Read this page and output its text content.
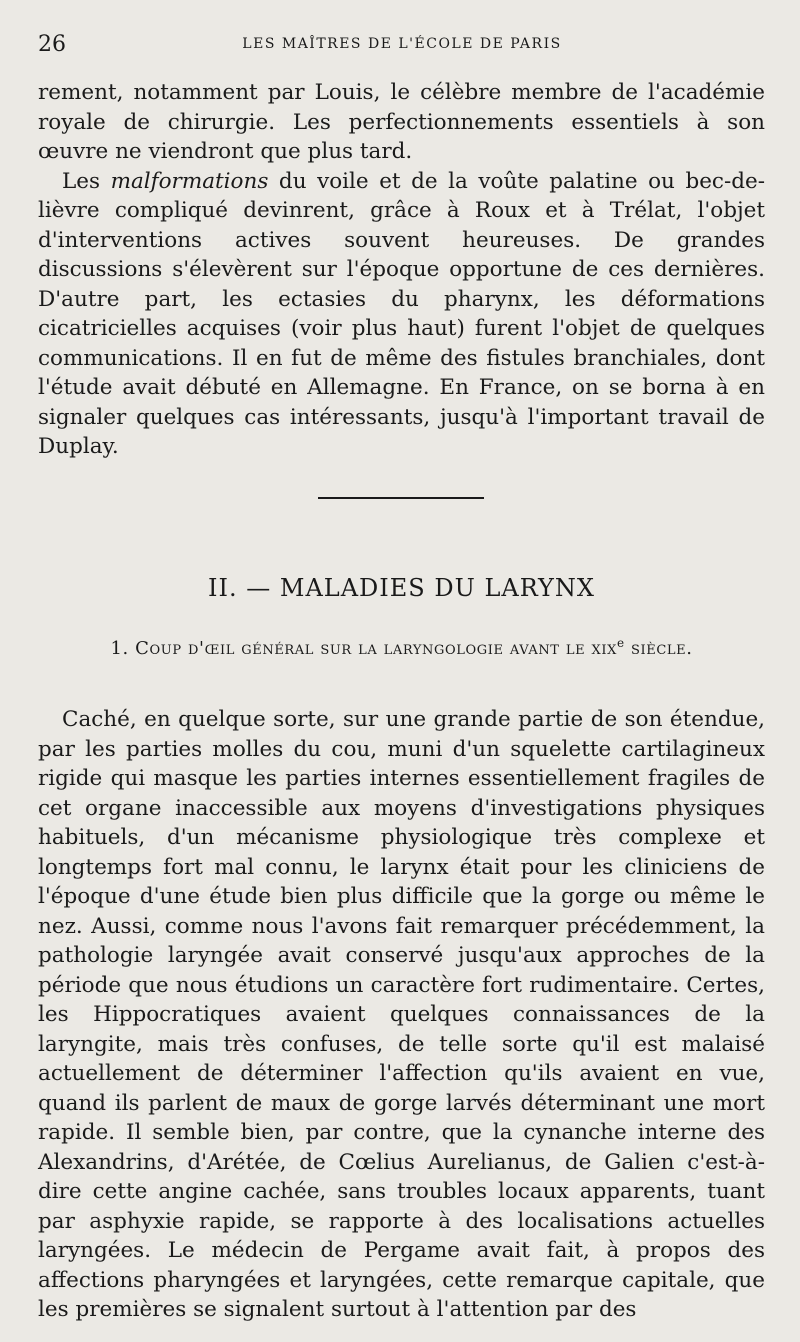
26	LES MAÎTRES DE L'ÉCOLE DE PARIS

rement, notamment par Louis, le célèbre membre de l'académie royale de chirurgie. Les perfectionnements essentiels à son œuvre ne viendront que plus tard.

Les malformations du voile et de la voûte palatine ou bec-de-lièvre compliqué devinrent, grâce à Roux et à Trélat, l'objet d'interventions actives souvent heureuses. De grandes discussions s'élevèrent sur l'époque opportune de ces dernières. D'autre part, les ectasies du pharynx, les déformations cicatricielles acquises (voir plus haut) furent l'objet de quelques communications. Il en fut de même des fistules branchiales, dont l'étude avait débuté en Allemagne. En France, on se borna à en signaler quelques cas intéressants, jusqu'à l'important travail de Duplay.

II. — MALADIES DU LARYNX
1. Coup d'œil général sur la laryngologie avant le xix$^e$ siècle.

Caché, en quelque sorte, sur une grande partie de son étendue, par les parties molles du cou, muni d'un squelette cartilagineux rigide qui masque les parties internes essentiellement fragiles de cet organe inaccessible aux moyens d'investigations physiques habituels, d'un mécanisme physiologique très complexe et longtemps fort mal connu, le larynx était pour les cliniciens de l'époque d'une étude bien plus difficile que la gorge ou même le nez. Aussi, comme nous l'avons fait remarquer précédemment, la pathologie laryngée avait conservé jusqu'aux approches de la période que nous étudions un caractère fort rudimentaire. Certes, les Hippocratiques avaient quelques connaissances de la laryngite, mais très confuses, de telle sorte qu'il est malaisé actuellement de déterminer l'affection qu'ils avaient en vue, quand ils parlent de maux de gorge larvés déterminant une mort rapide. Il semble bien, par contre, que la cynanche interne des Alexandrins, d'Arétée, de Cœlius Aurelianus, de Galien c'est-à-dire cette angine cachée, sans troubles locaux apparents, tuant par asphyxie rapide, se rapporte à des localisations actuelles laryngées. Le médecin de Pergame avait fait, à propos des affections pharyngées et laryngées, cette remarque capitale, que les premières se signalent surtout à l'attention par des
